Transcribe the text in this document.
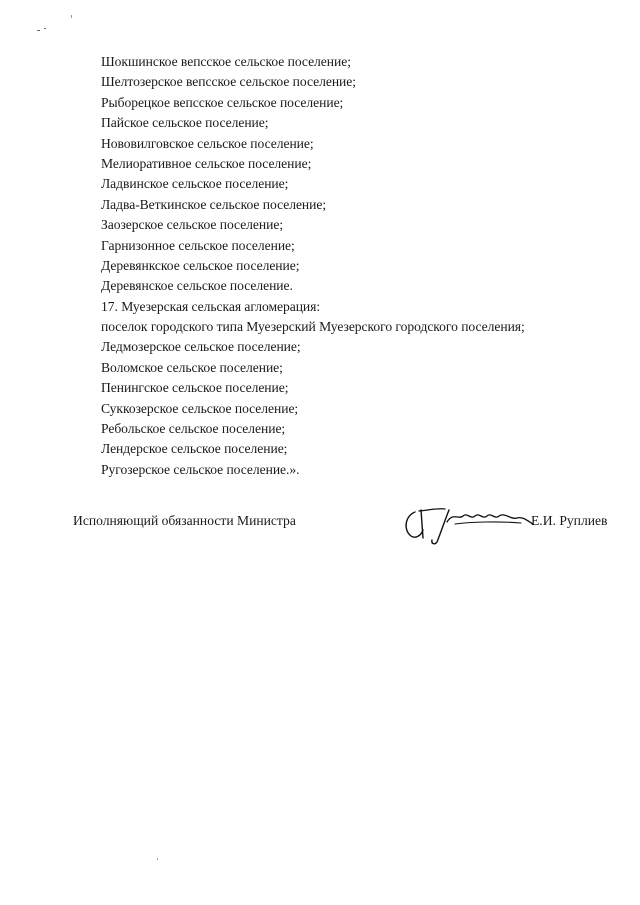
Шокшинское вепсское сельское поселение;
Шелтозерское вепсское сельское поселение;
Рыборецкое вепсское сельское поселение;
Пайское сельское поселение;
Нововилговское сельское поселение;
Мелиоративное сельское поселение;
Ладвинское сельское поселение;
Ладва-Веткинское сельское поселение;
Заозерское сельское поселение;
Гарнизонное сельское поселение;
Деревянкское сельское поселение;
Деревянское сельское поселение.
17. Муезерская сельская агломерация:
поселок городского типа Муезерский Муезерского городского поселения;
Ледмозерское сельское поселение;
Воломское сельское поселение;
Пенингское сельское поселение;
Суккозерское сельское поселение;
Ребольское сельское поселение;
Лендерское сельское поселение;
Ругозерское сельское поселение.».
Исполняющий обязанности Министра	Е.И. Руплиев
